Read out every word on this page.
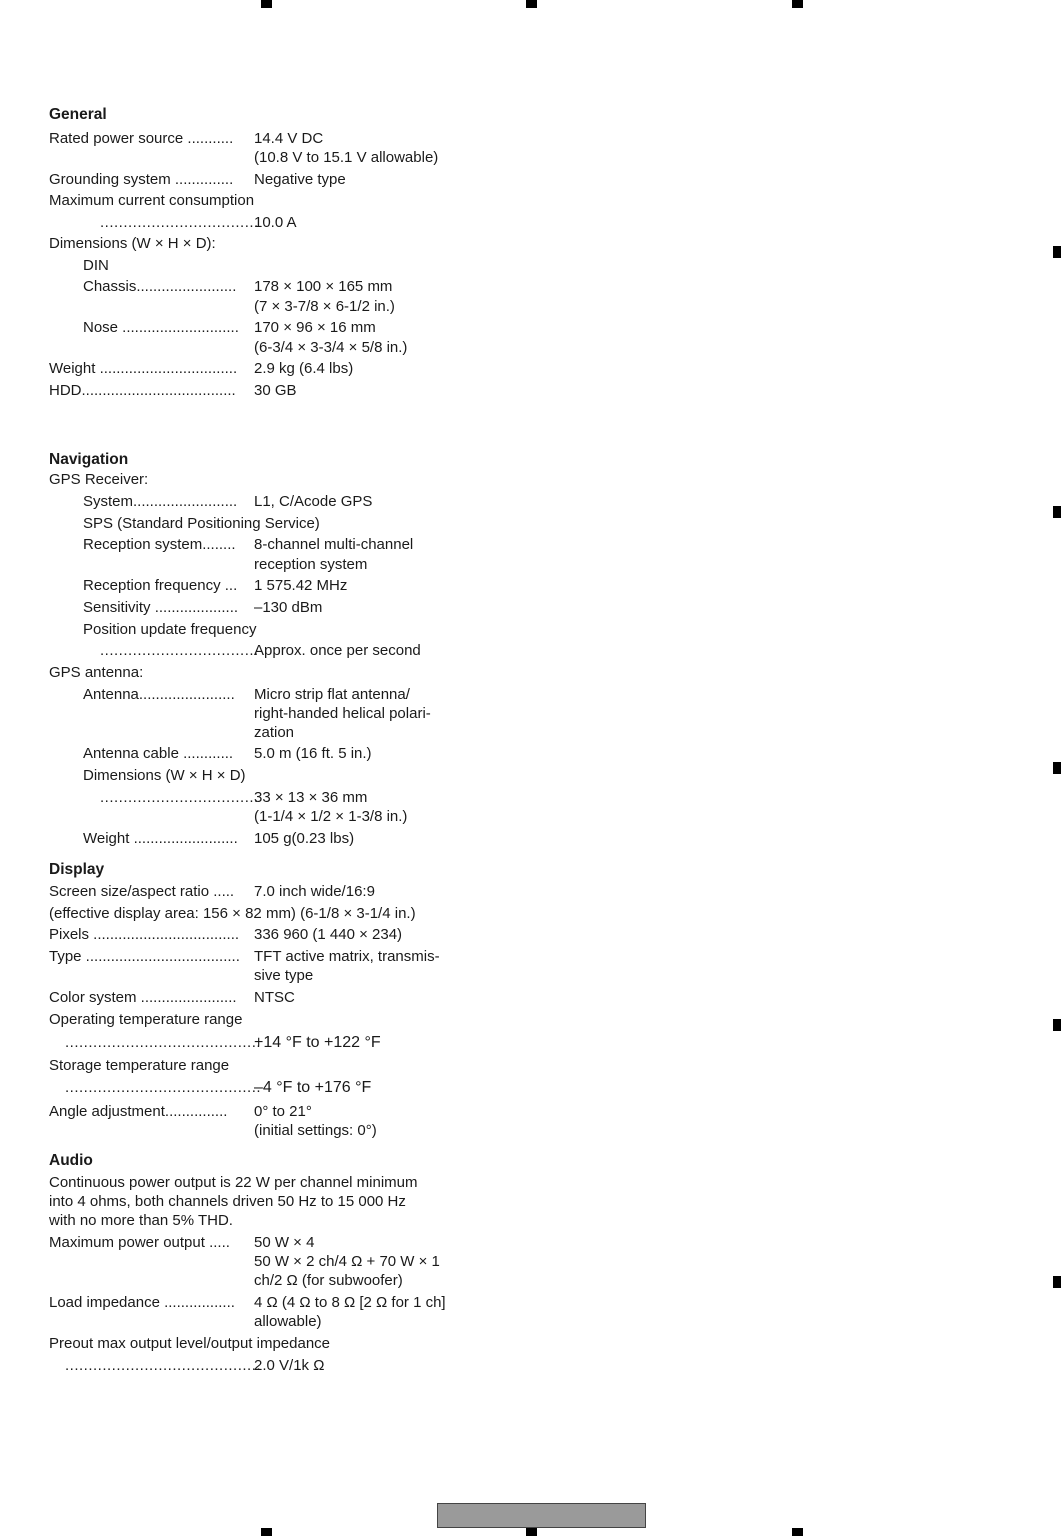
General
Rated power source ........... 14.4 V DC
(10.8 V to 15.1 V allowable)
Grounding system .............. Negative type
Maximum current consumption
..................................
10.0 A
Dimensions (W × H × D):
DIN
Chassis........................ 178 × 100 × 165 mm
(7 × 3-7/8 × 6-1/2 in.)
Nose ............................ 170 × 96 × 16 mm
(6-3/4 × 3-3/4 × 5/8 in.)
Weight ................................. 2.9 kg (6.4 lbs)
HDD..................................... 30 GB
Navigation
GPS Receiver:
System......................... L1, C/Acode GPS
SPS (Standard Positioning Service)
Reception system........ 8-channel multi-channel
reception system
Reception frequency ... 1 575.42 MHz
Sensitivity .................... –130 dBm
Position update frequency
..................................
Approx. once per second
GPS antenna:
Antenna....................... Micro strip flat antenna/
right-handed helical polari-
zation
Antenna cable ............ 5.0 m (16 ft. 5 in.)
Dimensions (W × H × D)
..................................
33 × 13 × 36 mm
(1-1/4 × 1/2 × 1-3/8 in.)
Weight ......................... 105 g(0.23 lbs)
Display
Screen size/aspect ratio ..... 7.0 inch wide/16:9
(effective display area: 156 × 82 mm) (6-1/8 × 3-1/4 in.)
Pixels ................................... 336 960 (1 440 × 234)
Type ..................................... TFT active matrix, transmis-
sive type
Color system ....................... NTSC
Operating temperature range
..........................................
+14 °F to +122 °F
Storage temperature range
..........................................
–4 °F to +176 °F
Angle adjustment............... 0° to 21°
(initial settings: 0°)
Audio
Continuous power output is 22 W per channel minimum
into 4 ohms, both channels driven 50 Hz to 15 000 Hz
with no more than 5% THD.
Maximum power output ..... 50 W × 4
50 W × 2 ch/4 Ω + 70 W × 1
ch/2 Ω (for subwoofer)
Load impedance ................. 4 Ω (4 Ω to 8 Ω [2 Ω for 1 ch]
allowable)
Preout max output level/output impedance
..........................................
2.0 V/1k Ω
